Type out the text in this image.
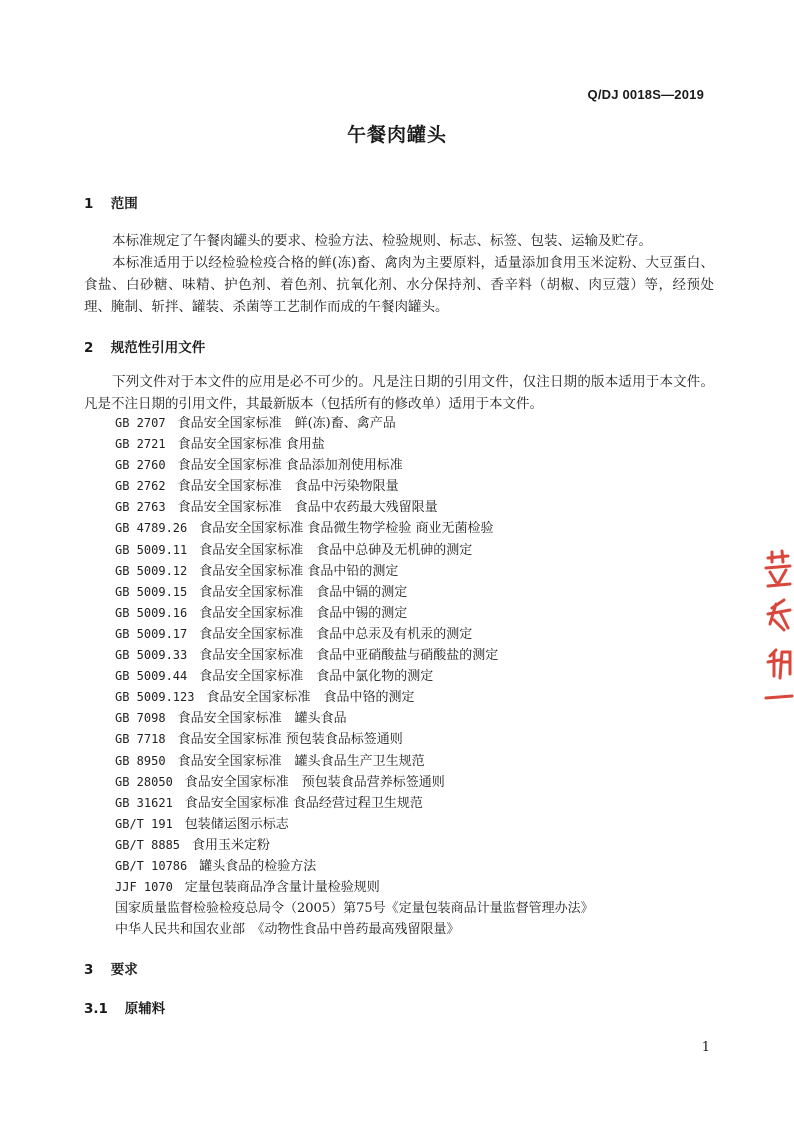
Q/DJ 0018S—2019
午餐肉罐头
1 范围
本标准规定了午餐肉罐头的要求、检验方法、检验规则、标志、标签、包装、运输及贮存。
本标准适用于以经检验检疫合格的鲜(冻)畜、禽肉为主要原料，适量添加食用玉米淀粉、大豆蛋白、食盐、白砂糖、味精、护色剂、着色剂、抗氧化剂、水分保持剂、香辛料（胡椒、肉豆蔻）等，经预处理、腌制、斩拌、罐装、杀菌等工艺制作而成的午餐肉罐头。
2 规范性引用文件
下列文件对于本文件的应用是必不可少的。凡是注日期的引用文件，仅注日期的版本适用于本文件。凡是不注日期的引用文件，其最新版本（包括所有的修改单）适用于本文件。
GB 2707 食品安全国家标准　鲜(冻)畜、禽产品
GB 2721 食品安全国家标准 食用盐
GB 2760 食品安全国家标准 食品添加剂使用标准
GB 2762 食品安全国家标准　食品中污染物限量
GB 2763 食品安全国家标准　食品中农药最大残留限量
GB 4789.26 食品安全国家标准 食品微生物学检验 商业无菌检验
GB 5009.11 食品安全国家标准　食品中总砷及无机砷的测定
GB 5009.12 食品安全国家标准 食品中铅的测定
GB 5009.15 食品安全国家标准　食品中镉的测定
GB 5009.16 食品安全国家标准　食品中锡的测定
GB 5009.17 食品安全国家标准　食品中总汞及有机汞的测定
GB 5009.33 食品安全国家标准　食品中亚硝酸盐与硝酸盐的测定
GB 5009.44 食品安全国家标准　食品中氯化物的测定
GB 5009.123 食品安全国家标准　食品中铬的测定
GB 7098 食品安全国家标准　罐头食品
GB 7718 食品安全国家标准 预包装食品标签通则
GB 8950 食品安全国家标准　罐头食品生产卫生规范
GB 28050 食品安全国家标准　预包装食品营养标签通则
GB 31621 食品安全国家标准 食品经营过程卫生规范
GB/T 191 包装储运图示标志
GB/T 8885 食用玉米定粉
GB/T 10786 罐头食品的检验方法
JJF 1070 定量包装商品净含量计量检验规则
国家质量监督检验检疫总局令（2005）第75号《定量包装商品计量监督管理办法》
中华人民共和国农业部　《动物性食品中兽药最高残留限量》
3 要求
3.1 原辅料
1
